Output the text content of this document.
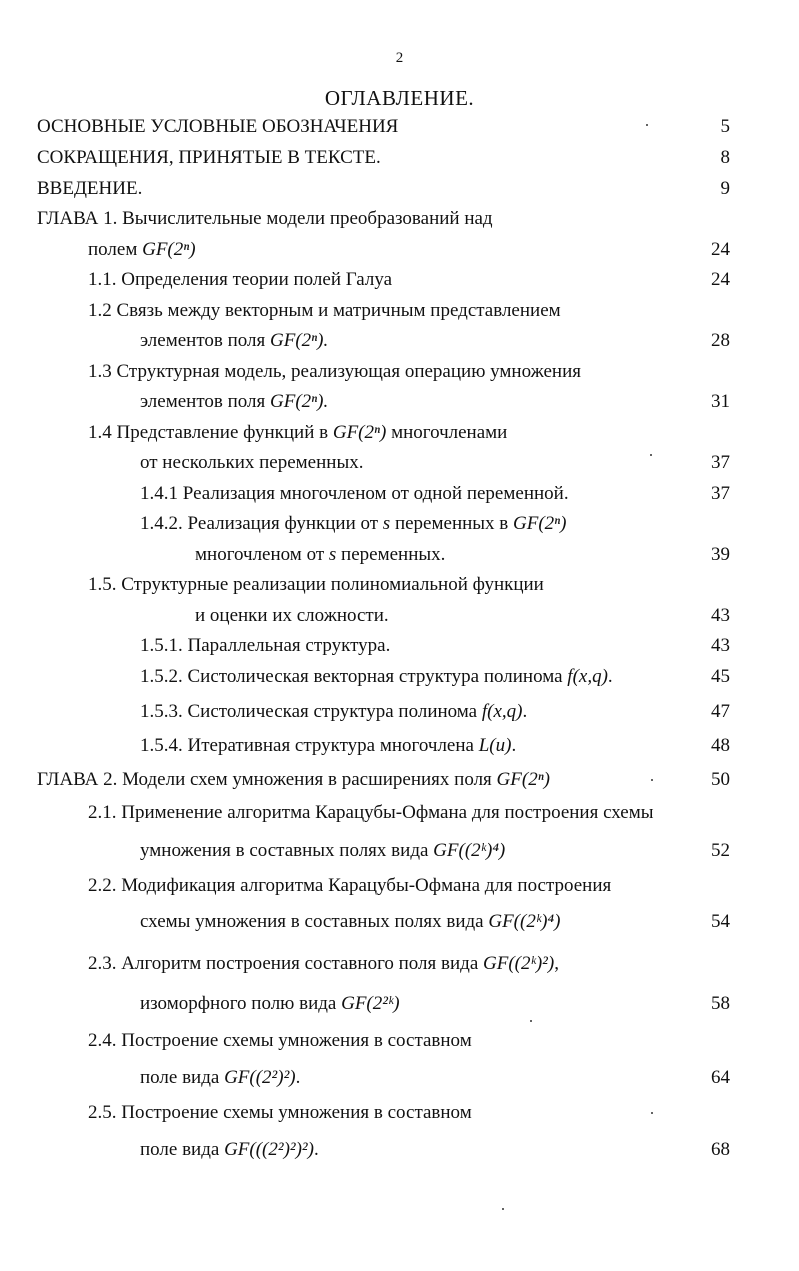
2
ОГЛАВЛЕНИЕ.
ОСНОВНЫЕ УСЛОВНЫЕ ОБОЗНАЧЕНИЯ	5
СОКРАЩЕНИЯ, ПРИНЯТЫЕ В ТЕКСТЕ.	8
ВВЕДЕНИЕ.	9
ГЛАВА 1. Вычислительные модели преобразований над
полем GF(2ⁿ)	24
1.1. Определения теории полей Галуа	24
1.2 Связь между векторным и матричным представлением
элементов поля GF(2ⁿ).	28
1.3 Структурная модель, реализующая операцию умножения
элементов поля GF(2ⁿ).	31
1.4 Представление функций в GF(2ⁿ) многочленами
от нескольких переменных.	37
1.4.1 Реализация многочленом от одной переменной.	37
1.4.2. Реализация функции от s переменных в GF(2ⁿ)
многочленом от s переменных.	39
1.5. Структурные реализации полиномиальной функции
и оценки их сложности.	43
1.5.1. Параллельная структура.	43
1.5.2. Систолическая векторная структура полинома f(x,q).	45
1.5.3. Систолическая структура полинома f(x,q).	47
1.5.4. Итеративная структура многочлена L(u).	48
ГЛАВА 2. Модели схем умножения в расширениях поля GF(2ⁿ)	50
2.1. Применение алгоритма Карацубы-Офмана для построения схемы
умножения в составных полях вида GF((2ᵏ)⁴)	52
2.2. Модификация алгоритма Карацубы-Офмана для построения
схемы умножения в составных полях вида GF((2ᵏ)⁴)	54
2.3. Алгоритм построения составного поля вида GF((2ᵏ)²),
изоморфного полю вида GF(2²ᵏ)	58
2.4. Построение схемы умножения в составном
поле вида GF((2²)²).	64
2.5. Построение схемы умножения в составном
поле вида GF(((2²)²)²).	68
